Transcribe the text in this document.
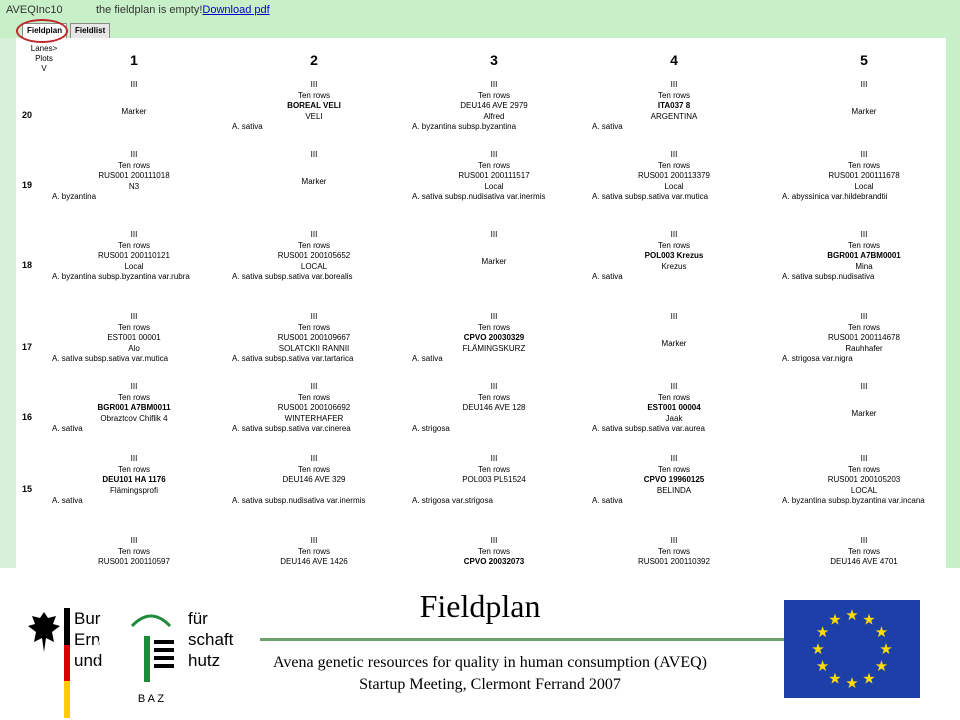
AVEQInc10	the fieldplan is empty!Download pdf
Fieldplan	Fieldlist
Lanes>
Plots
V
1	2	3	4	5
20
III

Marker
III
Ten rows
BOREAL VELI
VELI
A. sativa
III
Ten rows
DEU146 AVE 2979
Alfred
A. byzantina subsp.byzantina
III
Ten rows
ITA037 8
ARGENTINA
A. sativa
III

Marker
19
III
Ten rows
RUS001 200111018
N3
A. byzantina
III

Marker
III
Ten rows
RUS001 200111517
Local
A. sativa subsp.nudisativa var.inermis
III
Ten rows
RUS001 200113379
Local
A. sativa subsp.sativa var.mutica
III
Ten rows
RUS001 200111678
Local
A. abyssinica var.hildebrandtii
18
III
Ten rows
RUS001 200110121
Local
A. byzantina subsp.byzantina var.rubra
III
Ten rows
RUS001 200105652
LOCAL
A. sativa subsp.sativa var.borealis
III

Marker
III
Ten rows
POL003 Krezus
Krezus
A. sativa
III
Ten rows
BGR001 A7BM0001
Mina
A. sativa subsp.nudisativa
17
III
Ten rows
EST001 00001
Alo
A. sativa subsp.sativa var.mutica
III
Ten rows
RUS001 200109667
SOLATCKII RANNII
A. sativa subsp.sativa var.tartarica
III
Ten rows
CPVO 20030329
FLÄMINGSKURZ
A. sativa
III

Marker
III
Ten rows
RUS001 200114678
Rauhhafer
A. strigosa var.nigra
16
III
Ten rows
BGR001 A7BM0011
Obraztcov Chiflik 4
A. sativa
III
Ten rows
RUS001 200106692
WINTERHAFER
A. sativa subsp.sativa var.cinerea
III
Ten rows
DEU146 AVE 128

A. strigosa
III
Ten rows
EST001 00004
Jaak
A. sativa subsp.sativa var.aurea
III

Marker
15
III
Ten rows
DEU101 HA 1176
Flämingsprofi
A. sativa
III
Ten rows
DEU146 AVE 329

A. sativa subsp.nudisativa var.inermis
III
Ten rows
POL003 PL51524

A. strigosa var.strigosa
III
Ten rows
CPVO 19960125
BELINDA
A. sativa
III
Ten rows
RUS001 200105203
LOCAL
A. byzantina subsp.byzantina var.incana
III
Ten rows
RUS001 200110597
III
Ten rows
DEU146 AVE 1426
III
Ten rows
CPVO 20032073
III
Ten rows
RUS001 200110392
III
Ten rows
DEU146 AVE 4701
Bur
Ern
und
B A Z
für
schaft
hutz
Fieldplan
Avena genetic resources for quality in human consumption (AVEQ)
Startup Meeting, Clermont Ferrand 2007
★ ★
★
★
★
★
★
★
★
★
★
★
